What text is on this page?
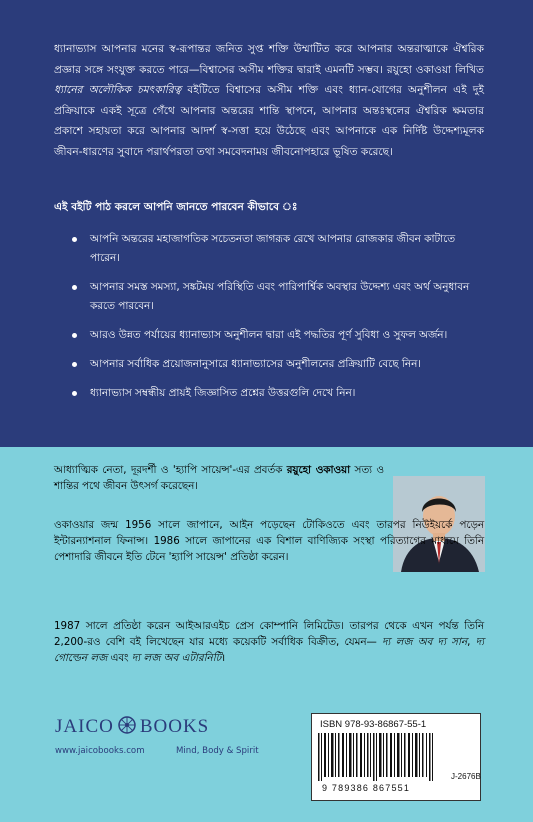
ধ্যানাভ্যাস আপনার মনের স্ব-রূপান্তর জনিত সুপ্ত শক্তি উম্মাটিত করে আপনার অন্তরাত্মাকে ঐশ্বরিক প্রজ্ঞার সঙ্গে সংযুক্ত করতে পারে—বিশ্বাসের অসীম শক্তির দ্বারাই এমনটি সম্ভব। রয়ুহো ওকাওয়া লিখিত ধ্যানের অলৌকিক চমৎকারিত্ব বইটিতে বিশ্বাসের অসীম শক্তি এবং ধ্যান-যোগের অনুশীলন এই দুই প্রক্রিয়াকে একই সূত্রে গেঁথে আপনার অন্তরের শান্তি স্থাপনে, আপনার অন্তঃস্থলের ঐশ্বরিক ক্ষমতার প্রকাশে সহায়তা করে আপনার আদর্শ স্ব-সত্তা হয়ে উঠেছে এবং আপনাকে এক নির্দিষ্ট উদ্দেশ্যমূলক জীবন-ধারণের সুবাদে পরার্থপরতা তথা সমবেদনাময় জীবনোপহারে ভূষিত করেছে।

এই বইটি পাঠ করলে আপনি জানতে পারবেন কীভাবে ঃ
আপনি অন্তরের মহাজাগতিক সচেতনতা জাগরূক রেখে আপনার রোজকার জীবন কাটাতে পারেন।
আপনার সমস্ত সমস্যা, সঙ্কটময় পরিস্থিতি এবং পারিপার্শ্বিক অবস্থার উদ্দেশ্য এবং অর্থ অনুধাবন করতে পারবেন।
আরও উন্নত পর্যায়ের ধ্যানাভ্যাস অনুশীলন দ্বারা এই পদ্ধতির পূর্ণ সুবিধা ও সুফল অর্জন।
আপনার সর্বাধিক প্রয়োজনানুসারে ধ্যানাভ্যাসের অনুশীলনের প্রক্রিয়াটি বেছে নিন।
ধ্যানাভ্যাস সম্বন্ধীয় প্রায়ই জিজ্ঞাসিত প্রশ্নের উত্তরগুলি দেখে নিন।

আধ্যাত্মিক নেতা, দূরদর্শী ও 'হ্যাপি সায়েন্স'-এর প্রবর্তক রয়ুহো ওকাওয়া সত্য ও শান্তির পথে জীবন উৎসর্গ করেছেন।

ওকাওয়ার জন্ম 1956 সালে জাপানে, আইন পড়েছেন টোকিওতে এবং তারপর নিউইয়র্কে পড়েন ইন্টারন্যাশনাল ফিনান্স। 1986 সালে জাপানের এক বিশাল বাণিজ্যিক সংস্থা পরিত্যাগের মাধ্যমে তিনি পেশাদারি জীবনে ইতি টেনে 'হ্যাপি সায়েন্স' প্রতিষ্ঠা করেন।

1987 সালে প্রতিষ্ঠা করেন আইআরএইচ প্রেস কোম্পানি লিমিটেড। তারপর থেকে এখন পর্যন্ত তিনি 2,200-রও বেশি বই লিখেছেন যার মধ্যে কয়েকটি সর্বাধিক বিক্রীত, যেমন— দ্য লজ অব দ্য সান, দ্য গোল্ডেন লজ এবং দ্য লজ অব এটারনিটি।

JAICO BOOKS
www.jaicobooks.com	Mind, Body & Spirit
ISBN 978-93-86867-55-1
9 789386 867551
J-2676B
